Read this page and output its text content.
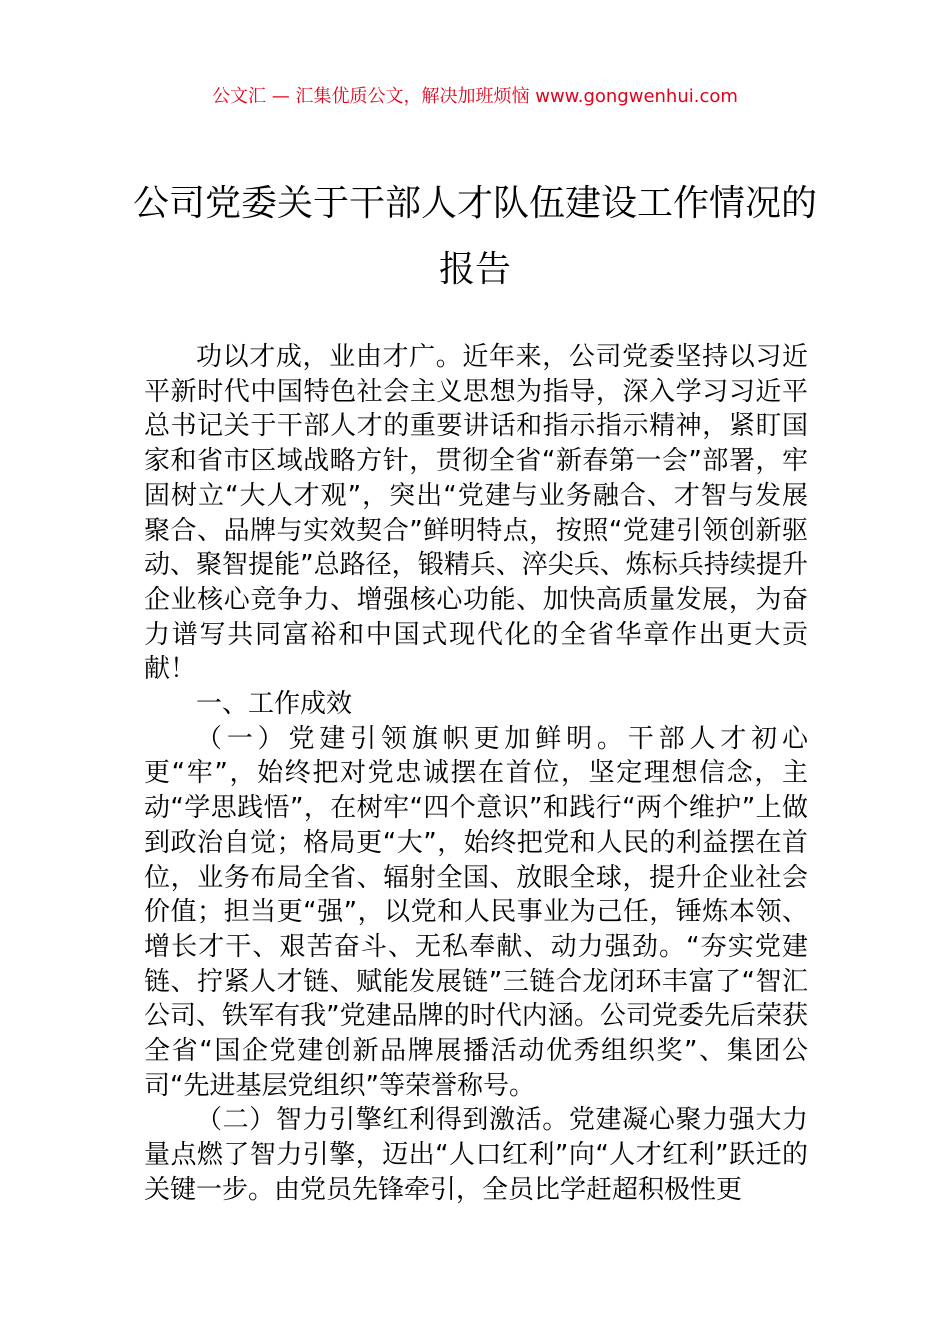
公文汇 — 汇集优质公文，解决加班烦恼 www.gongwenhui.com
公司党委关于干部人才队伍建设工作情况的报告

功以才成，业由才广。近年来，公司党委坚持以习近平新时代中国特色社会主义思想为指导，深入学习习近平总书记关于干部人才的重要讲话和指示指示精神，紧盯国家和省市区域战略方针，贯彻全省“新春第一会”部署，牢固树立“大人才观”，突出“党建与业务融合、才智与发展聚合、品牌与实效契合”鲜明特点，按照“党建引领创新驱动、聚智提能”总路径，锻精兵、淬尖兵、炼标兵持续提升企业核心竞争力、增强核心功能、加快高质量发展，为奋力谱写共同富裕和中国式现代化的全省华章作出更大贡献！

一、工作成效

（一）党建引领旗帜更加鲜明。干部人才初心更“牢”，始终把对党忠诚摆在首位，坚定理想信念，主动“学思践悟”，在树牢“四个意识”和践行“两个维护”上做到政治自觉；格局更“大”，始终把党和人民的利益摆在首位，业务布局全省、辐射全国、放眼全球，提升企业社会价值；担当更“强”，以党和人民事业为己任，锤炼本领、增长才干、艰苦奋斗、无私奉献、动力强劲。“夯实党建链、拧紧人才链、赋能发展链”三链合龙闭环丰富了“智汇公司、铁军有我”党建品牌的时代内涵。公司党委先后荣获全省“国企党建创新品牌展播活动优秀组织奖”、集团公司“先进基层党组织”等荣誉称号。

（二）智力引擎红利得到激活。党建凝心聚力强大力量点燃了智力引擎，迈出“人口红利”向“人才红利”跃迁的关键一步。由党员先锋牵引，全员比学赶超积极性更
